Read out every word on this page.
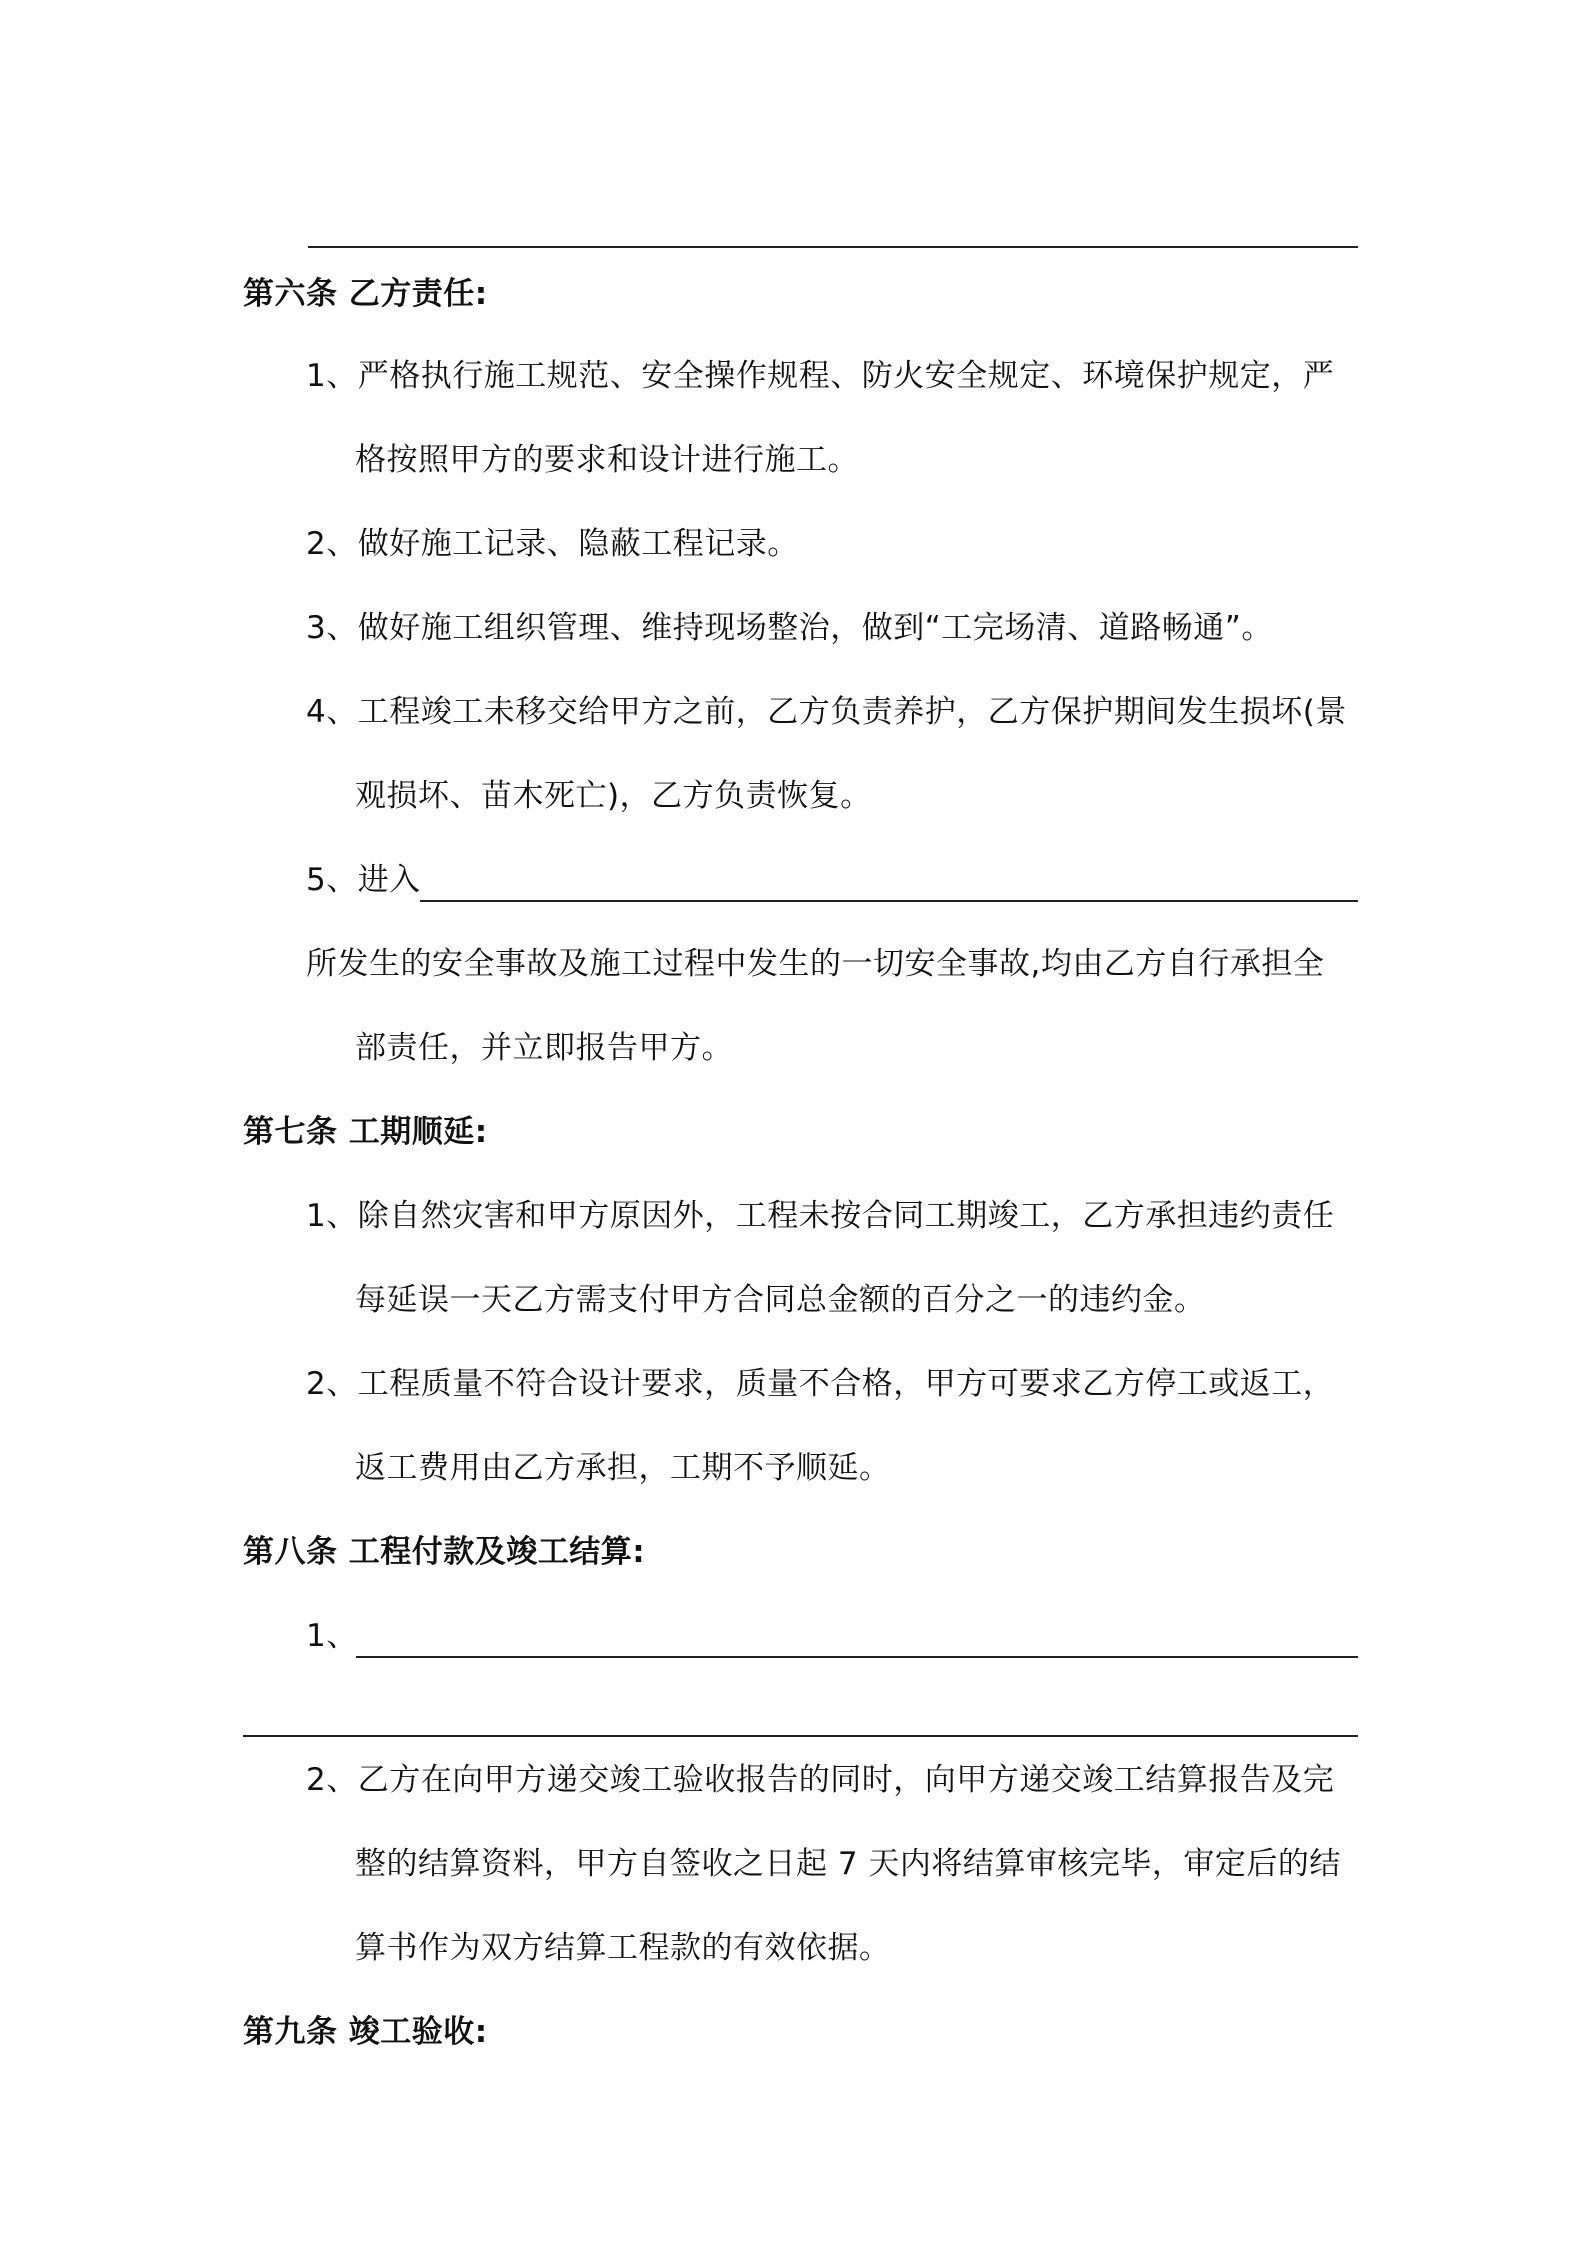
第六条 乙方责任:
1、严格执行施工规范、安全操作规程、防火安全规定、环境保护规定，严
格按照甲方的要求和设计进行施工。
2、做好施工记录、隐蔽工程记录。
3、做好施工组织管理、维持现场整治，做到“工完场清、道路畅通”。
4、工程竣工未移交给甲方之前，乙方负责养护，乙方保护期间发生损坏(景
观损坏、苗木死亡)，乙方负责恢复。
5、进入
所发生的安全事故及施工过程中发生的一切安全事故,均由乙方自行承担全
部责任，并立即报告甲方。
第七条 工期顺延:
1、除自然灾害和甲方原因外，工程未按合同工期竣工，乙方承担违约责任
每延误一天乙方需支付甲方合同总金额的百分之一的违约金。
2、工程质量不符合设计要求，质量不合格，甲方可要求乙方停工或返工，
返工费用由乙方承担，工期不予顺延。
第八条 工程付款及竣工结算:
1、
2、乙方在向甲方递交竣工验收报告的同时，向甲方递交竣工结算报告及完
整的结算资料，甲方自签收之日起 7 天内将结算审核完毕，审定后的结
算书作为双方结算工程款的有效依据。
第九条 竣工验收:
